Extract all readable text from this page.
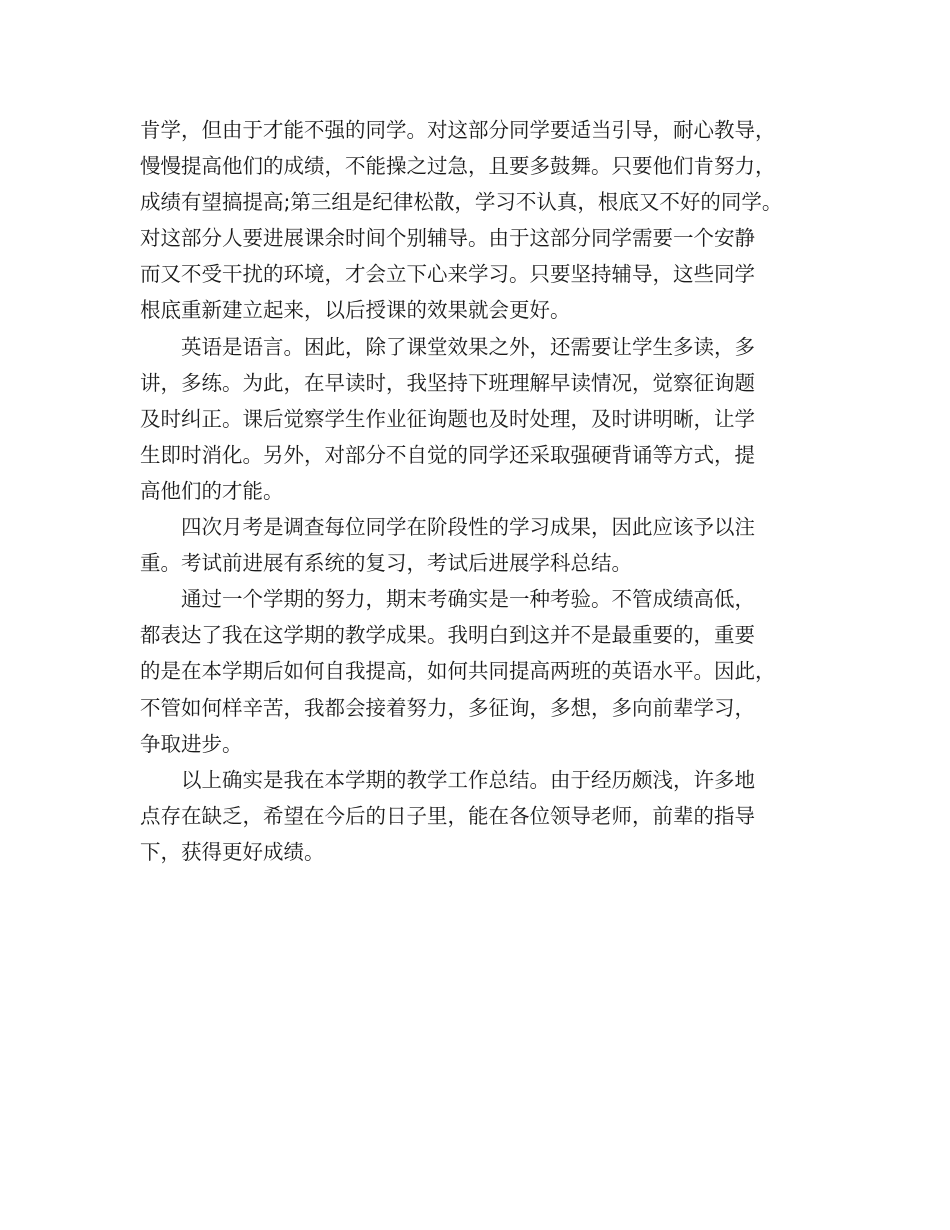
肯学，但由于才能不强的同学。对这部分同学要适当引导，耐心教导，
慢慢提高他们的成绩，不能操之过急，且要多鼓舞。只要他们肯努力，
成绩有望搞提高;第三组是纪律松散，学习不认真，根底又不好的同学。
对这部分人要进展课余时间个别辅导。由于这部分同学需要一个安静
而又不受干扰的环境，才会立下心来学习。只要坚持辅导，这些同学
根底重新建立起来，以后授课的效果就会更好。
英语是语言。困此，除了课堂效果之外，还需要让学生多读，多
讲，多练。为此，在早读时，我坚持下班理解早读情况，觉察征询题
及时纠正。课后觉察学生作业征询题也及时处理，及时讲明晰，让学
生即时消化。另外，对部分不自觉的同学还采取强硬背诵等方式，提
高他们的才能。
四次月考是调查每位同学在阶段性的学习成果，因此应该予以注
重。考试前进展有系统的复习，考试后进展学科总结。
通过一个学期的努力，期末考确实是一种考验。不管成绩高低，
都表达了我在这学期的教学成果。我明白到这并不是最重要的，重要
的是在本学期后如何自我提高，如何共同提高两班的英语水平。因此，
不管如何样辛苦，我都会接着努力，多征询，多想，多向前辈学习，
争取进步。
以上确实是我在本学期的教学工作总结。由于经历颇浅，许多地
点存在缺乏，希望在今后的日子里，能在各位领导老师，前辈的指导
下，获得更好成绩。
